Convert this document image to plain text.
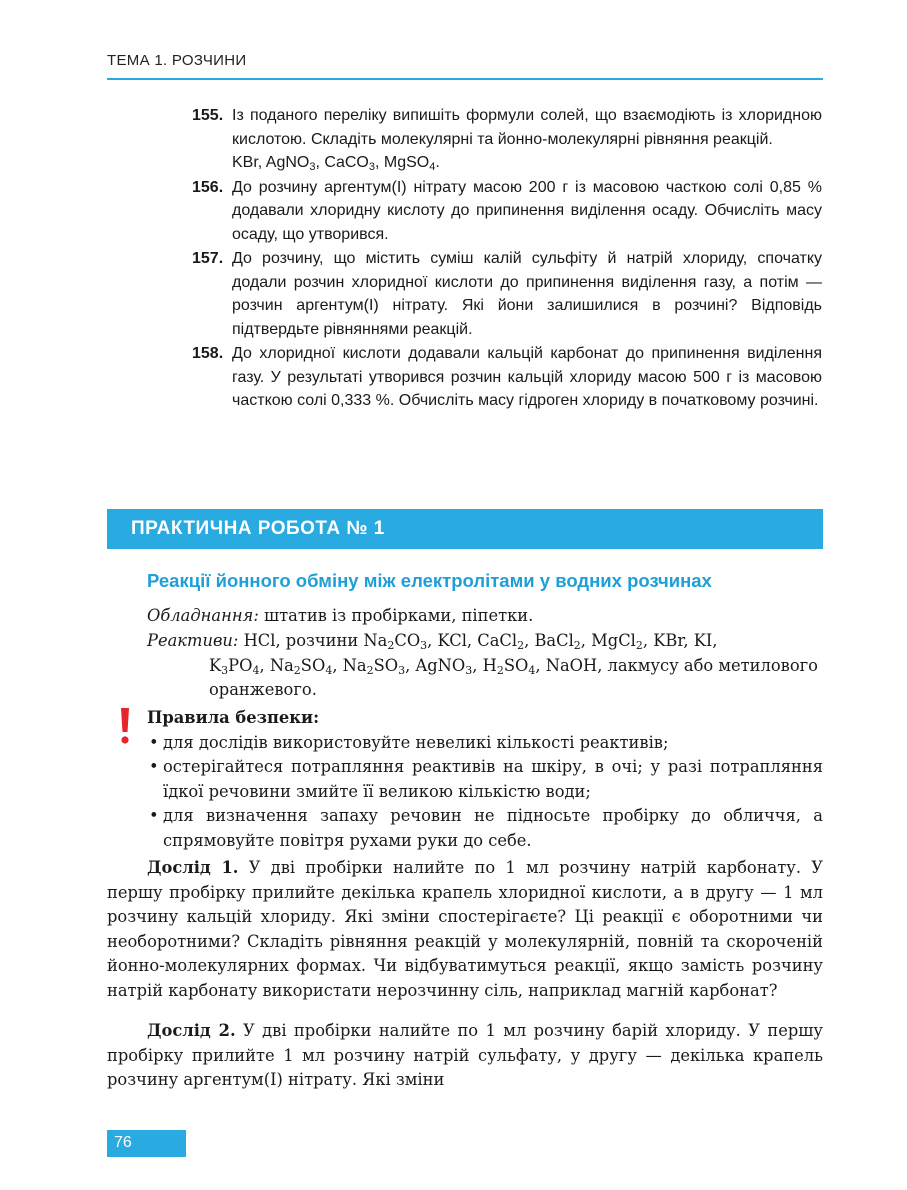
ТЕМА 1. РОЗЧИНИ
155. Із поданого переліку випишіть формули солей, що взаємодіють із хлоридною кислотою. Складіть молекулярні та йонно-молекулярні рівняння реакцій.
KBr, AgNO$_3$, CaCO$_3$, MgSO$_4$.
156. До розчину аргентум(І) нітрату масою 200 г із масовою часткою солі 0,85 % додавали хлоридну кислоту до припинення виділення осаду. Обчисліть масу осаду, що утворився.
157. До розчину, що містить суміш калій сульфіту й натрій хлориду, спочатку додали розчин хлоридної кислоти до припинення виділення газу, а потім — розчин аргентум(І) нітрату. Які йони залишилися в розчині? Відповідь підтвердьте рівняннями реакцій.
158. До хлоридної кислоти додавали кальцій карбонат до припинення виділення газу. У результаті утворився розчин кальцій хлориду масою 500 г із масовою часткою солі 0,333 %. Обчисліть масу гідроген хлориду в початковому розчині.
ПРАКТИЧНА РОБОТА № 1
Реакції йонного обміну між електролітами у водних розчинах
Обладнання: штатив із пробірками, піпетки.
Реактиви: HCl, розчини $Na_2CO_3$, KCl, CaCl$_2$, BaCl$_2$, MgCl$_2$, KBr, KI,
$K_3PO_4$, $Na_2SO_4$, $Na_2SO_3$, AgNO$_3$, $H_2SO_4$, NaOH, лакмусу або метилового оранжевого.
Правила безпеки:
• для дослідів використовуйте невеликі кількості реактивів;
• остерігайтеся потрапляння реактивів на шкіру, в очі; у разі потрапляння їдкої речовини змийте її великою кількістю води;
• для визначення запаху речовин не підносьте пробірку до обличчя, а спрямовуйте повітря рухами руки до себе.

Дослід 1. У дві пробірки налийте по 1 мл розчину натрій карбонату. У першу пробірку прилийте декілька крапель хлоридної кислоти, а в другу — 1 мл розчину кальцій хлориду. Які зміни спостерігаєте? Ці реакції є оборотними чи необоротними? Складіть рівняння реакцій у молекулярній, повній та скороченій йонно-молекулярних формах. Чи відбуватимуться реакції, якщо замість розчину натрій карбонату використати нерозчинну сіль, наприклад магній карбонат?

Дослід 2. У дві пробірки налийте по 1 мл розчину барій хлориду. У першу пробірку прилийте 1 мл розчину натрій сульфату, у другу — декілька крапель розчину аргентум(І) нітрату. Які зміни

76
